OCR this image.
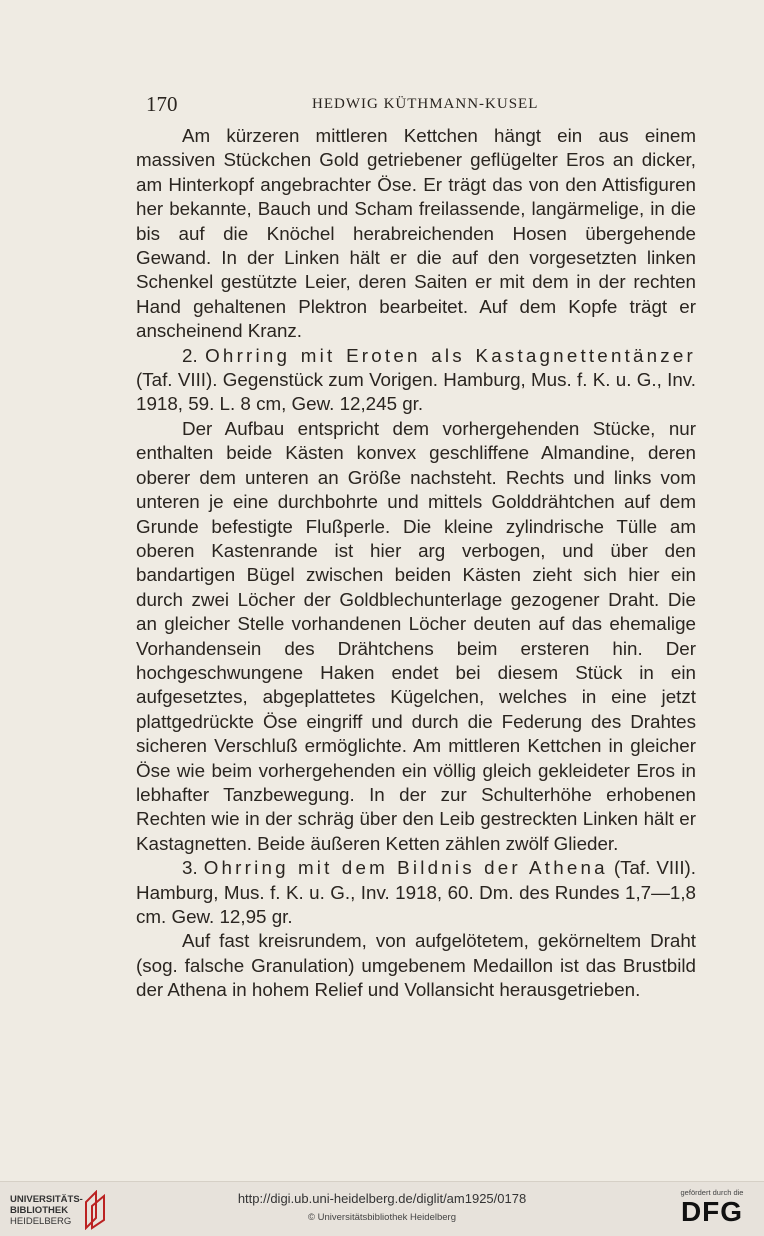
170	HEDWIG KÜTHMANN-KUSEL

Am kürzeren mittleren Kettchen hängt ein aus einem massiven Stückchen Gold getriebener geflügelter Eros an dicker, am Hinterkopf angebrachter Öse. Er trägt das von den Attisfiguren her bekannte, Bauch und Scham freilassende, langärmelige, in die bis auf die Knöchel herabreichenden Hosen übergehende Gewand. In der Linken hält er die auf den vorgesetzten linken Schenkel gestützte Leier, deren Saiten er mit dem in der rechten Hand gehaltenen Plektron bearbeitet. Auf dem Kopfe trägt er anscheinend Kranz.

2. Ohrring mit Eroten als Kastagnettentänzer (Taf. VIII). Gegenstück zum Vorigen. Hamburg, Mus. f. K. u. G., Inv. 1918, 59. L. 8 cm, Gew. 12,245 gr.

Der Aufbau entspricht dem vorhergehenden Stücke, nur enthalten beide Kästen konvex geschliffene Almandine, deren oberer dem unteren an Größe nachsteht. Rechts und links vom unteren je eine durchbohrte und mittels Golddrähtchen auf dem Grunde befestigte Flußperle. Die kleine zylindrische Tülle am oberen Kastenrande ist hier arg verbogen, und über den bandartigen Bügel zwischen beiden Kästen zieht sich hier ein durch zwei Löcher der Goldblechunterlage gezogener Draht. Die an gleicher Stelle vorhandenen Löcher deuten auf das ehemalige Vorhandensein des Drähtchens beim ersteren hin. Der hochgeschwungene Haken endet bei diesem Stück in ein aufgesetztes, abgeplattetes Kügelchen, welches in eine jetzt plattgedrückte Öse eingriff und durch die Federung des Drahtes sicheren Verschluß ermöglichte. Am mittleren Kettchen in gleicher Öse wie beim vorhergehenden ein völlig gleich gekleideter Eros in lebhafter Tanzbewegung. In der zur Schulterhöhe erhobenen Rechten wie in der schräg über den Leib gestreckten Linken hält er Kastagnetten. Beide äußeren Ketten zählen zwölf Glieder.

3. Ohrring mit dem Bildnis der Athena (Taf. VIII). Hamburg, Mus. f. K. u. G., Inv. 1918, 60. Dm. des Rundes 1,7—1,8 cm. Gew. 12,95 gr.

Auf fast kreisrundem, von aufgelötetem, gekörneltem Draht (sog. falsche Granulation) umgebenem Medaillon ist das Brustbild der Athena in hohem Relief und Vollansicht herausgetrieben.

UNIVERSITÄTS-
BIBLIOTHEK
HEIDELBERG
http://digi.ub.uni-heidelberg.de/diglit/am1925/0178
© Universitätsbibliothek Heidelberg
gefördert durch die
DFG
